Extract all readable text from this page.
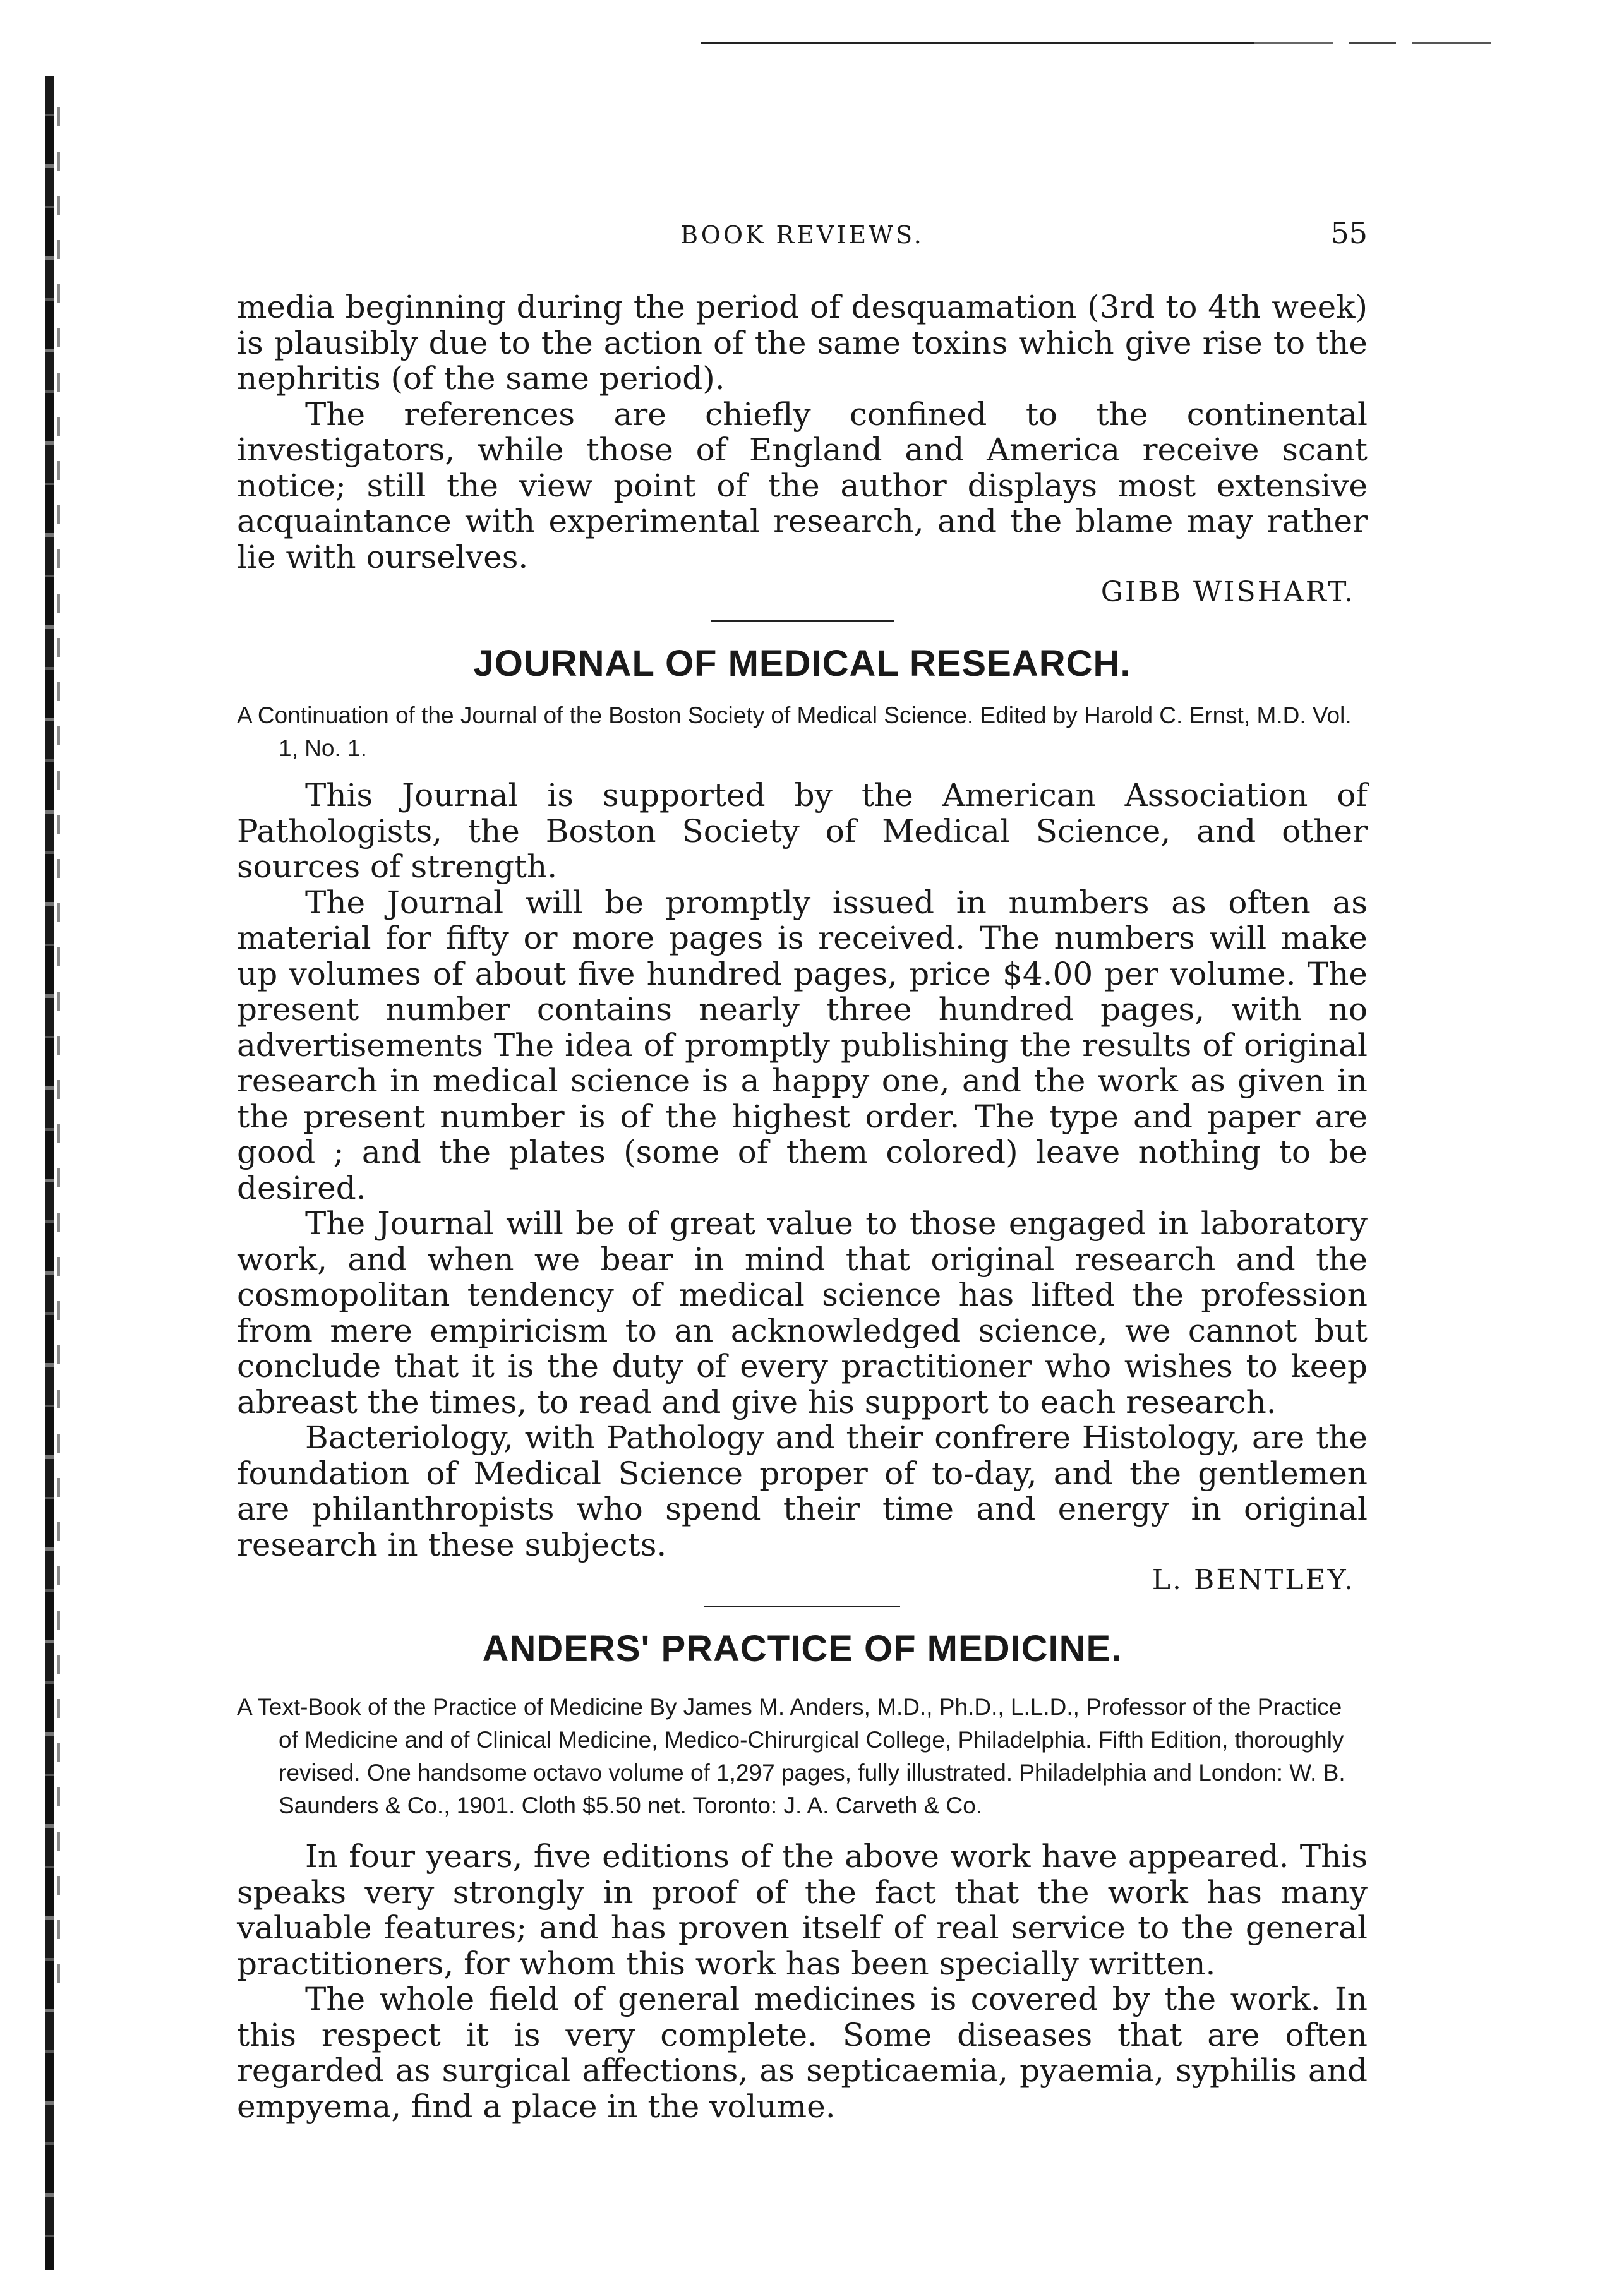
BOOK REVIEWS.	55

media beginning during the period of desquamation (3rd to 4th week) is plausibly due to the action of the same toxins which give rise to the nephritis (of the same period).

The references are chiefly confined to the continental investigators, while those of England and America receive scant notice; still the view point of the author displays most extensive acquaintance with experimental research, and the blame may rather lie with ourselves.

GIBB WISHART.

JOURNAL OF MEDICAL RESEARCH.

A Continuation of the Journal of the Boston Society of Medical Science. Edited by Harold C. Ernst, M.D. Vol. 1, No. 1.

This Journal is supported by the American Association of Pathologists, the Boston Society of Medical Science, and other sources of strength.

The Journal will be promptly issued in numbers as often as material for fifty or more pages is received. The numbers will make up volumes of about five hundred pages, price $4.00 per volume. The present number contains nearly three hundred pages, with no advertisements The idea of promptly publishing the results of original research in medical science is a happy one, and the work as given in the present number is of the highest order. The type and paper are good ; and the plates (some of them colored) leave nothing to be desired.

The Journal will be of great value to those engaged in laboratory work, and when we bear in mind that original research and the cosmopolitan tendency of medical science has lifted the profession from mere empiricism to an acknowledged science, we cannot but conclude that it is the duty of every practitioner who wishes to keep abreast the times, to read and give his support to each research.

Bacteriology, with Pathology and their confrere Histology, are the foundation of Medical Science proper of to-day, and the gentlemen are philanthropists who spend their time and energy in original research in these subjects.

L. BENTLEY.

ANDERS' PRACTICE OF MEDICINE.

A Text-Book of the Practice of Medicine By James M. Anders, M.D., Ph.D., L.L.D., Professor of the Practice of Medicine and of Clinical Medicine, Medico-Chirurgical College, Philadelphia. Fifth Edition, thoroughly revised. One handsome octavo volume of 1,297 pages, fully illustrated. Philadelphia and London: W. B. Saunders & Co., 1901. Cloth $5.50 net. Toronto: J. A. Carveth & Co.

In four years, five editions of the above work have appeared. This speaks very strongly in proof of the fact that the work has many valuable features; and has proven itself of real service to the general practitioners, for whom this work has been specially written.

The whole field of general medicines is covered by the work. In this respect it is very complete. Some diseases that are often regarded as surgical affections, as septicaemia, pyaemia, syphilis and empyema, find a place in the volume.
